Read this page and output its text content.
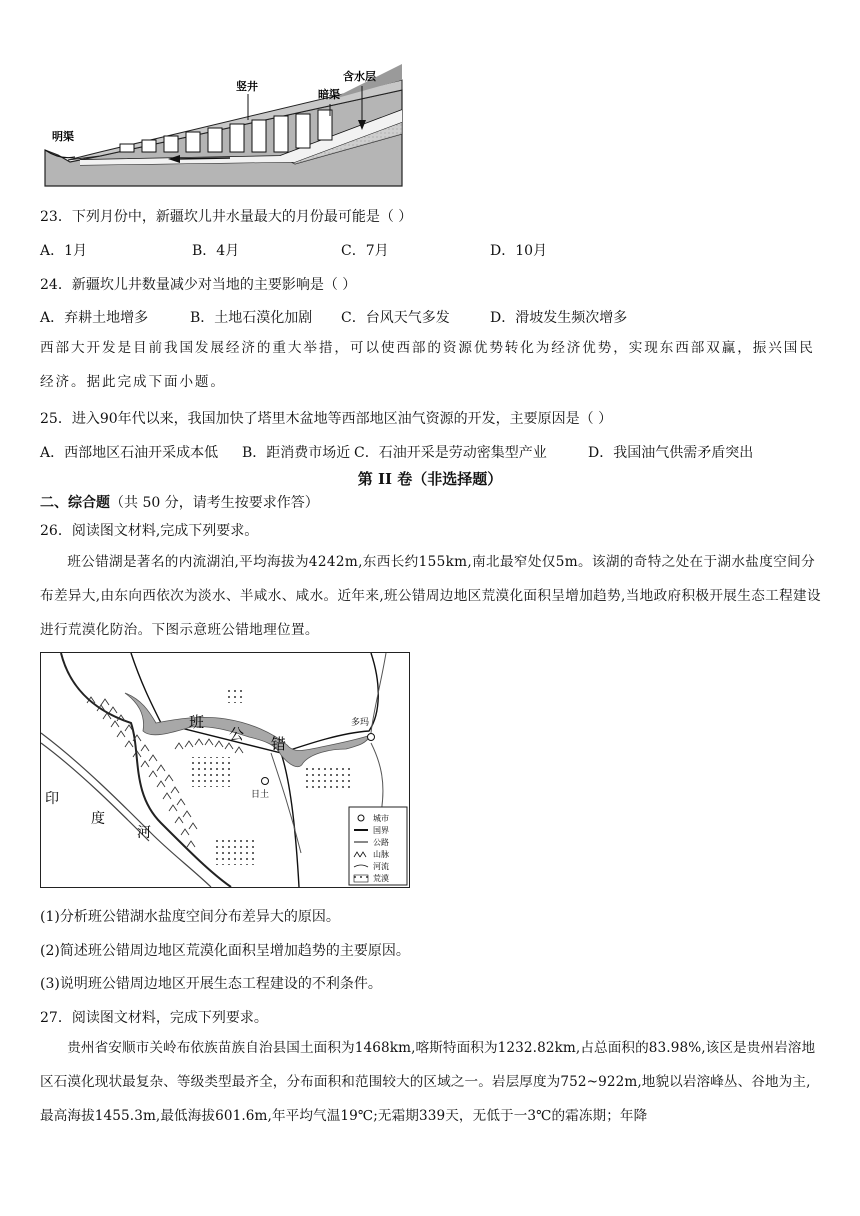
明渠
竖井
暗渠
含水层
23．下列月份中，新疆坎儿井水量最大的月份最可能是（ ）
A．1月	B．4月	C．7月	D．10月
24．新疆坎儿井数量减少对当地的主要影响是（ ）
A．弃耕土地增多	B．土地石漠化加剧 C．台风天气多发	D．滑坡发生频次增多
西部大开发是目前我国发展经济的重大举措，可以使西部的资源优势转化为经济优势，实现东西部双赢，振兴国民经济。据此完成下面小题。
25．进入90年代以来，我国加快了塔里木盆地等西部地区油气资源的开发，主要原因是（ ）
A．西部地区石油开采成本低 B．距消费市场近 C．石油开采是劳动密集型产业	D．我国油气供需矛盾突出
第 II 卷（非选择题）
二、综合题（共 50 分，请考生按要求作答）
26．阅读图文材料,完成下列要求。
班公错湖是著名的内流湖泊,平均海拔为4242m,东西长约155km,南北最窄处仅5m。该湖的奇特之处在于湖水盐度空间分布差异大,由东向西依次为淡水、半咸水、咸水。近年来,班公错周边地区荒漠化面积呈增加趋势,当地政府积极开展生态工程建设进行荒漠化防治。下图示意班公错地理位置。
多玛
日土
班
公
错
印
度
河
城市
国界
公路
山脉
河流
荒漠
(1)分析班公错湖水盐度空间分布差异大的原因。
(2)简述班公错周边地区荒漠化面积呈增加趋势的主要原因。
(3)说明班公错周边地区开展生态工程建设的不利条件。
27．阅读图文材料，完成下列要求。
贵州省安顺市关岭布依族苗族自治县国土面积为1468km,喀斯特面积为1232.82km,占总面积的83.98%,该区是贵州岩溶地区石漠化现状最复杂、等级类型最齐全，分布面积和范围较大的区域之一。岩层厚度为752~922m,地貌以岩溶峰丛、谷地为主,最高海拔1455.3m,最低海拔601.6m,年平均气温19℃;无霜期339天，无低于一3℃的霜冻期；年降
